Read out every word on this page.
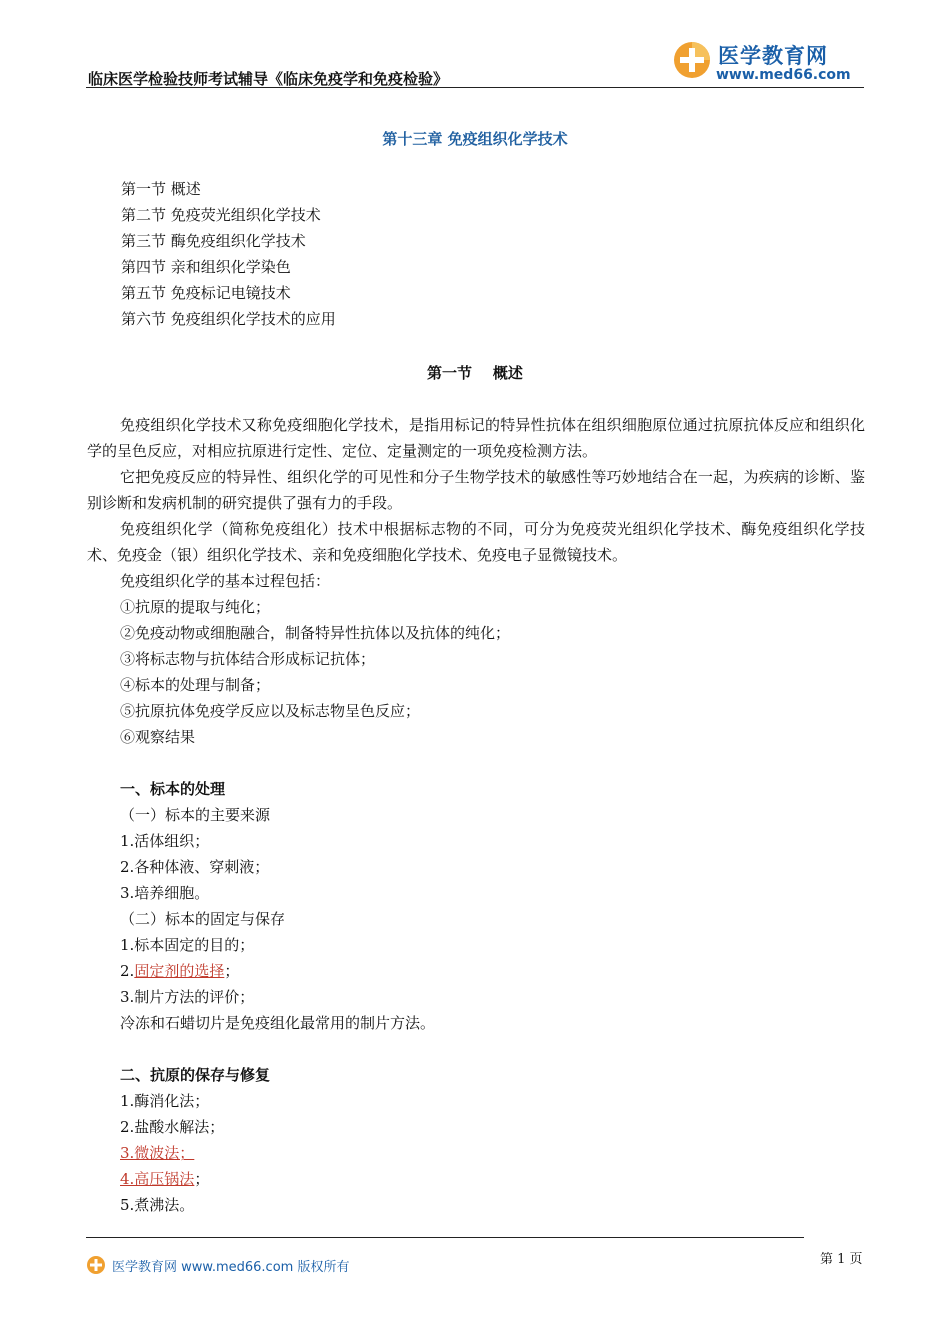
临床医学检验技师考试辅导《临床免疫学和免疫检验》
医学教育网
www.med66.com
第十三章 免疫组织化学技术
第一节 概述
第二节 免疫荧光组织化学技术
第三节 酶免疫组织化学技术
第四节 亲和组织化学染色
第五节 免疫标记电镜技术
第六节 免疫组织化学技术的应用
第一节    概述

免疫组织化学技术又称免疫细胞化学技术，是指用标记的特异性抗体在组织细胞原位通过抗原抗体反应和组织化学的呈色反应，对相应抗原进行定性、定位、定量测定的一项免疫检测方法。

它把免疫反应的特异性、组织化学的可见性和分子生物学技术的敏感性等巧妙地结合在一起，为疾病的诊断、鉴别诊断和发病机制的研究提供了强有力的手段。

免疫组织化学（简称免疫组化）技术中根据标志物的不同，可分为免疫荧光组织化学技术、酶免疫组织化学技术、免疫金（银）组织化学技术、亲和免疫细胞化学技术、免疫电子显微镜技术。

免疫组织化学的基本过程包括：
①抗原的提取与纯化；
②免疫动物或细胞融合，制备特异性抗体以及抗体的纯化；
③将标志物与抗体结合形成标记抗体；
④标本的处理与制备；
⑤抗原抗体免疫学反应以及标志物呈色反应；
⑥观察结果
一、标本的处理
（一）标本的主要来源
1.活体组织；
2.各种体液、穿刺液；
3.培养细胞。
（二）标本的固定与保存
1.标本固定的目的；
2.固定剂的选择；
3.制片方法的评价；
冷冻和石蜡切片是免疫组化最常用的制片方法。
二、抗原的保存与修复
1.酶消化法；
2.盐酸水解法；
3.微波法；
4.高压锅法；
5.煮沸法。
医学教育网 www.med66.com 版权所有
第 1 页
